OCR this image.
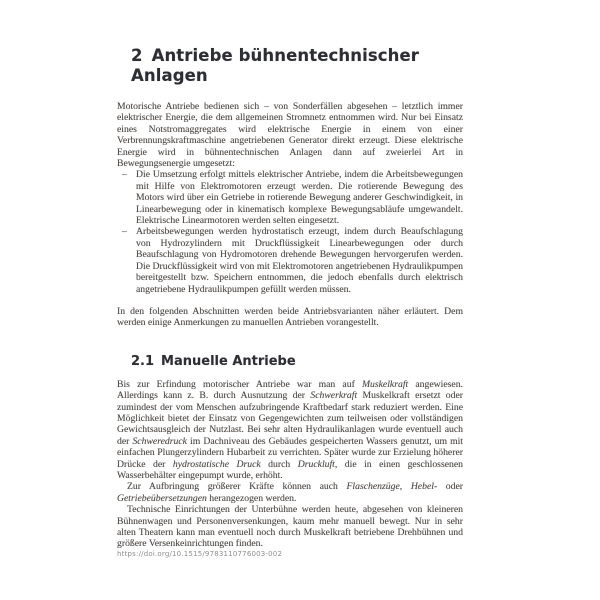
2 Antriebe bühnentechnischer Anlagen

Motorische Antriebe bedienen sich – von Sonderfällen abgesehen – letztlich immer elektrischer Energie, die dem allgemeinen Stromnetz entnommen wird. Nur bei Einsatz eines Notstromaggregates wird elektrische Energie in einem von einer Verbrennungskraftmaschine angetriebenen Generator direkt erzeugt. Diese elektrische Energie wird in bühnentechnischen Anlagen dann auf zweierlei Art in Bewegungsenergie umgesetzt:

– Die Umsetzung erfolgt mittels elektrischer Antriebe, indem die Arbeitsbewegungen mit Hilfe von Elektromotoren erzeugt werden. Die rotierende Bewegung des Motors wird über ein Getriebe in rotierende Bewegung anderer Geschwindigkeit, in Linearbewegung oder in kinematisch komplexe Bewegungsabläufe umgewandelt. Elektrische Linearmotoren werden selten eingesetzt.
– Arbeitsbewegungen werden hydrostatisch erzeugt, indem durch Beaufschlagung von Hydrozylindern mit Druckflüssigkeit Linearbewegungen oder durch Beaufschlagung von Hydromotoren drehende Bewegungen hervorgerufen werden. Die Druckflüssigkeit wird von mit Elektromotoren angetriebenen Hydraulikpumpen bereitgestellt bzw. Speichern entnommen, die jedoch ebenfalls durch elektrisch angetriebene Hydraulikpumpen gefüllt werden müssen.

In den folgenden Abschnitten werden beide Antriebsvarianten näher erläutert. Dem werden einige Anmerkungen zu manuellen Antrieben vorangestellt.

2.1 Manuelle Antriebe

Bis zur Erfindung motorischer Antriebe war man auf Muskelkraft angewiesen. Allerdings kann z. B. durch Ausnutzung der Schwerkraft Muskelkraft ersetzt oder zumindest der vom Menschen aufzubringende Kraftbedarf stark reduziert werden. Eine Möglichkeit bietet der Einsatz von Gegengewichten zum teilweisen oder vollständigen Gewichtsausgleich der Nutzlast. Bei sehr alten Hydraulikanlagen wurde eventuell auch der Schweredruck im Dachniveau des Gebäudes gespeicherten Wassers genutzt, um mit einfachen Plungerzylindern Hubarbeit zu verrichten. Später wurde zur Erzielung höherer Drücke der hydrostatische Druck durch Druckluft, die in einen geschlossenen Wasserbehälter eingepumpt wurde, erhöht.

Zur Aufbringung größerer Kräfte können auch Flaschenzüge, Hebel- oder Getriebeübersetzungen herangezogen werden.

Technische Einrichtungen der Unterbühne werden heute, abgesehen von kleineren Bühnenwagen und Personenversenkungen, kaum mehr manuell bewegt. Nur in sehr alten Theatern kann man eventuell noch durch Muskelkraft betriebene Drehbühnen und größere Versenkeinrichtungen finden.

https://doi.org/10.1515/9783110776003-002
